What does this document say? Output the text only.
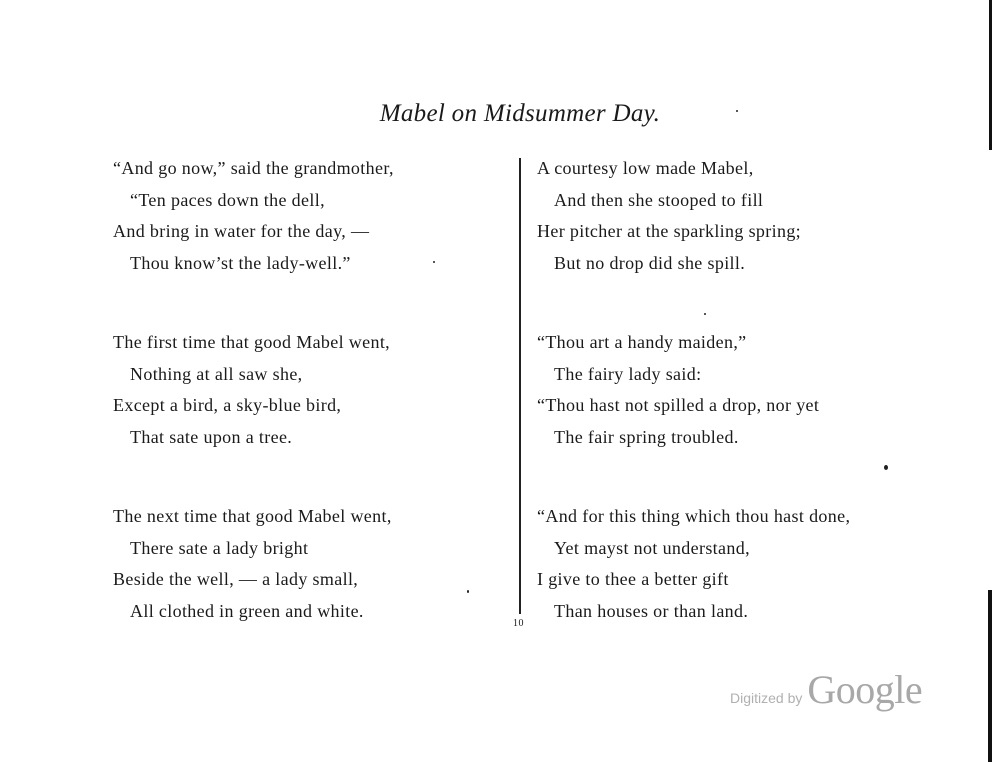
Mabel on Midsummer Day.
“And go now,” said the grandmother,
“Ten paces down the dell,
And bring in water for the day, —
Thou know’st the lady-well.”
The first time that good Mabel went,
Nothing at all saw she,
Except a bird, a sky-blue bird,
That sate upon a tree.
The next time that good Mabel went,
There sate a lady bright
Beside the well, — a lady small,
All clothed in green and white.
A courtesy low made Mabel,
And then she stooped to fill
Her pitcher at the sparkling spring;
But no drop did she spill.
“Thou art a handy maiden,”
The fairy lady said:
“Thou hast not spilled a drop, nor yet
The fair spring troubled.
“And for this thing which thou hast done,
Yet mayst not understand,
I give to thee a better gift
Than houses or than land.
10
Digitized by Google
